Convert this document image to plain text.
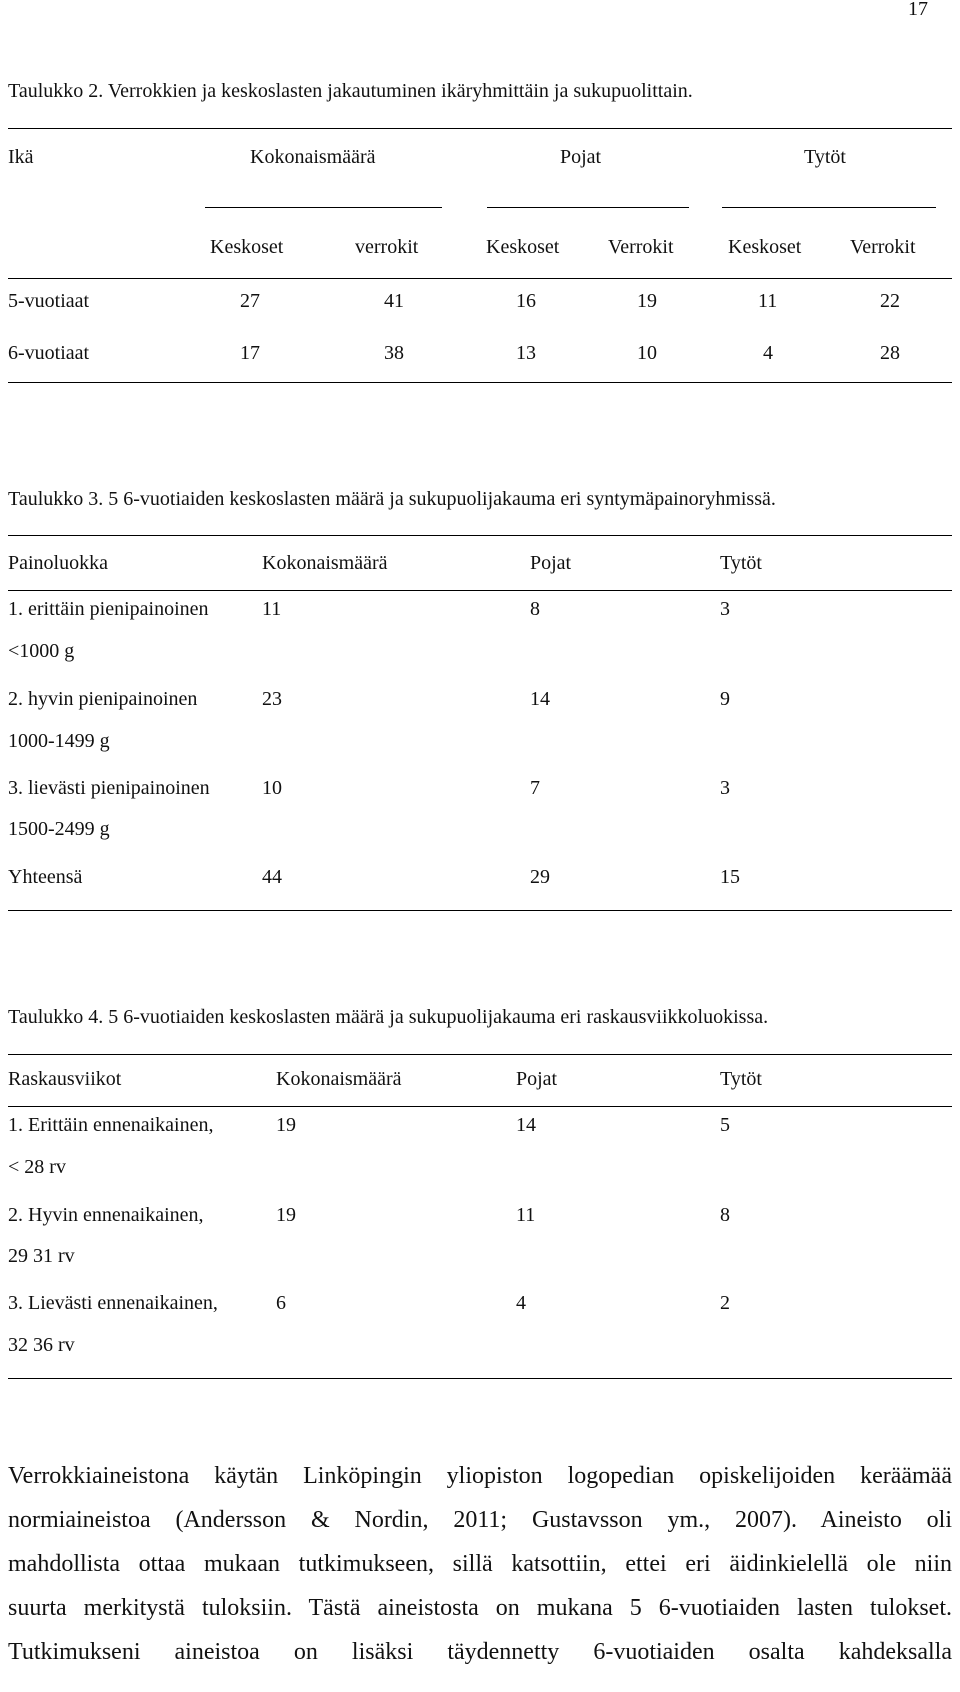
17
Taulukko 2. Verrokkien ja keskoslasten jakautuminen ikäryhmittäin ja sukupuolittain.
Ikä	Kokonaismäärä	Pojat	Tytöt
Keskoset	verrokit	Keskoset Verrokit	Keskoset Verrokit
5-vuotiaat	27	41	16	19	11	22
6-vuotiaat	17	38	13	10	4	28
Taulukko 3. 5 6-vuotiaiden keskoslasten määrä ja sukupuolijakauma eri syntymäpainoryhmissä.
Painoluokka	Kokonaismäärä	Pojat	Tytöt
1. erittäin pienipainoinen
<1000 g
11	8	3
2. hyvin pienipainoinen
1000-1499 g
23	14	9
3. lievästi pienipainoinen
1500-2499 g
10	7	3
Yhteensä	44	29	15
Taulukko 4. 5 6-vuotiaiden keskoslasten määrä ja sukupuolijakauma eri raskausviikkoluokissa.
Raskausviikot	Kokonaismäärä	Pojat	Tytöt
1. Erittäin ennenaikainen,
< 28 rv
19	14	5
2. Hyvin ennenaikainen,
29 31 rv
19	11	8
3. Lievästi ennenaikainen,
32 36 rv
6	4	2
Verrokkiaineistona käytän Linköpingin yliopiston logopedian opiskelijoiden keräämää
normiaineistoa (Andersson & Nordin, 2011; Gustavsson ym., 2007). Aineisto oli
mahdollista ottaa mukaan tutkimukseen, sillä katsottiin, ettei eri äidinkielellä ole niin
suurta merkitystä tuloksiin. Tästä aineistosta on mukana 5 6-vuotiaiden lasten tulokset.
Tutkimukseni aineistoa on lisäksi täydennetty 6-vuotiaiden osalta kahdeksalla
